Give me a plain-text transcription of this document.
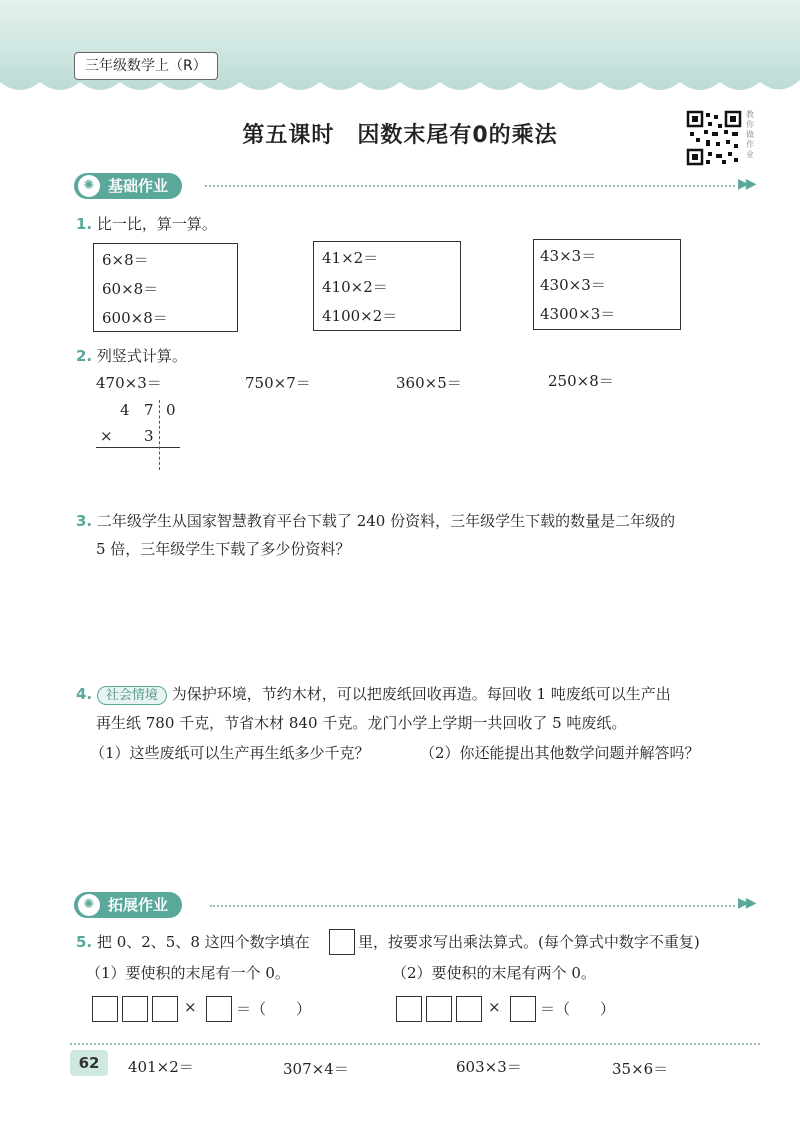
三年级数学上（R）
第五课时　因数末尾有0的乘法
教你做作业
基础作业
✺	▶▶
1. 比一比，算一算。
6×8＝
60×8＝
600×8＝
41×2＝
410×2＝
4100×2＝
43×3＝
430×3＝
4300×3＝
2. 列竖式计算。
470×3＝	750×7＝	360×5＝	250×8＝
4 7 0
× 3
3. 二年级学生从国家智慧教育平台下载了 240 份资料，三年级学生下载的数量是二年级的
5 倍，三年级学生下载了多少份资料？
4. 社会情境 为保护环境，节约木材，可以把废纸回收再造。每回收 1 吨废纸可以生产出
再生纸 780 千克，节省木材 840 千克。龙门小学上学期一共回收了 5 吨废纸。
（1）这些废纸可以生产再生纸多少千克？	（2）你还能提出其他数学问题并解答吗？
拓展作业
✺	▶▶
5. 把 0、2、5、8 这四个数字填在	里，按要求写出乘法算式。(每个算式中数字不重复)
（1）要使积的末尾有一个 0。	（2）要使积的末尾有两个 0。
×	＝（　　）	×	＝（　　）
62	401×2＝	307×4＝	603×3＝	35×6＝
